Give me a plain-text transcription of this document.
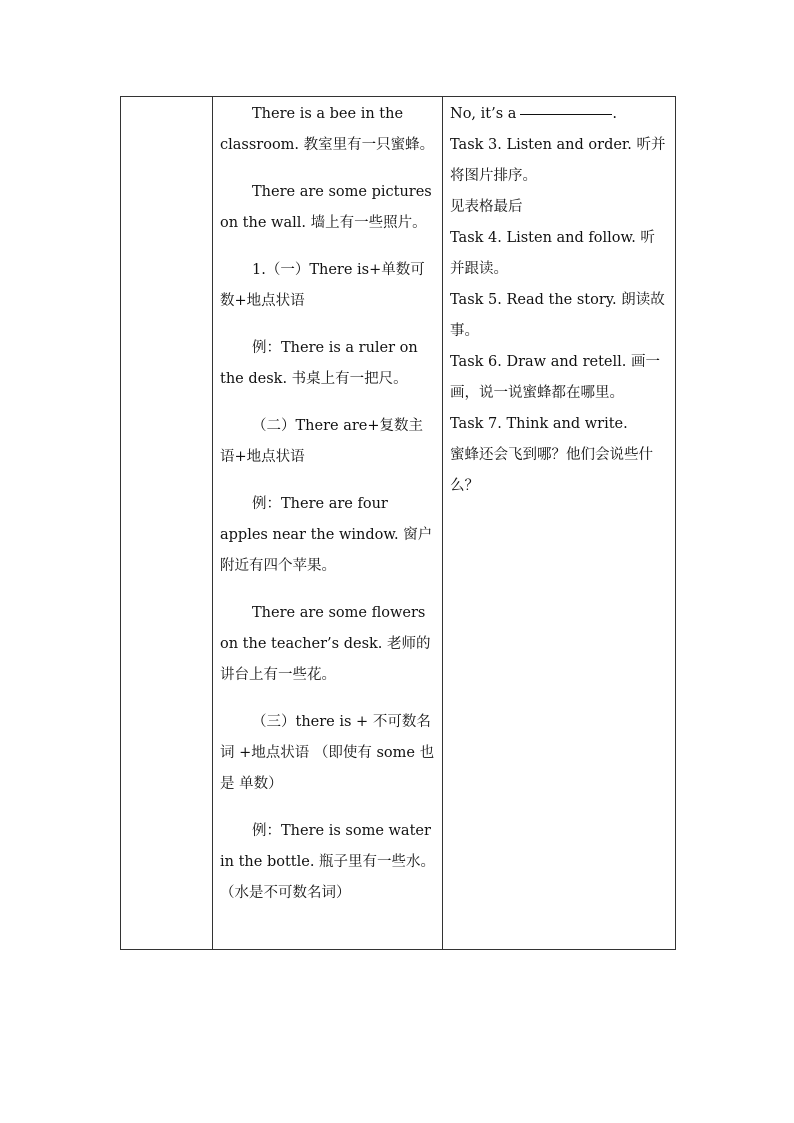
There is a bee in the classroom. 教室里有一只蜜蜂。

There are some pictures on the wall. 墙上有一些照片。

1.（一）There is+单数可数+地点状语

例：There is a ruler on the desk. 书桌上有一把尺。

（二）There are+复数主语+地点状语

例：There are four apples near the window. 窗户附近有四个苹果。

There are some flowers on the teacher’s desk. 老师的讲台上有一些花。

（三）there is + 不可数名词 +地点状语 （即使有 some 也是 单数）

例：There is some water in the bottle. 瓶子里有一些水。（水是不可数名词）

No, it’s a	.
Task 3. Listen and order. 听并将图片排序。
见表格最后
Task 4. Listen and follow. 听并跟读。
Task 5. Read the story. 朗读故事。
Task 6. Draw and retell. 画一画，说一说蜜蜂都在哪里。
Task 7. Think and write.
蜜蜂还会飞到哪？他们会说些什么？
